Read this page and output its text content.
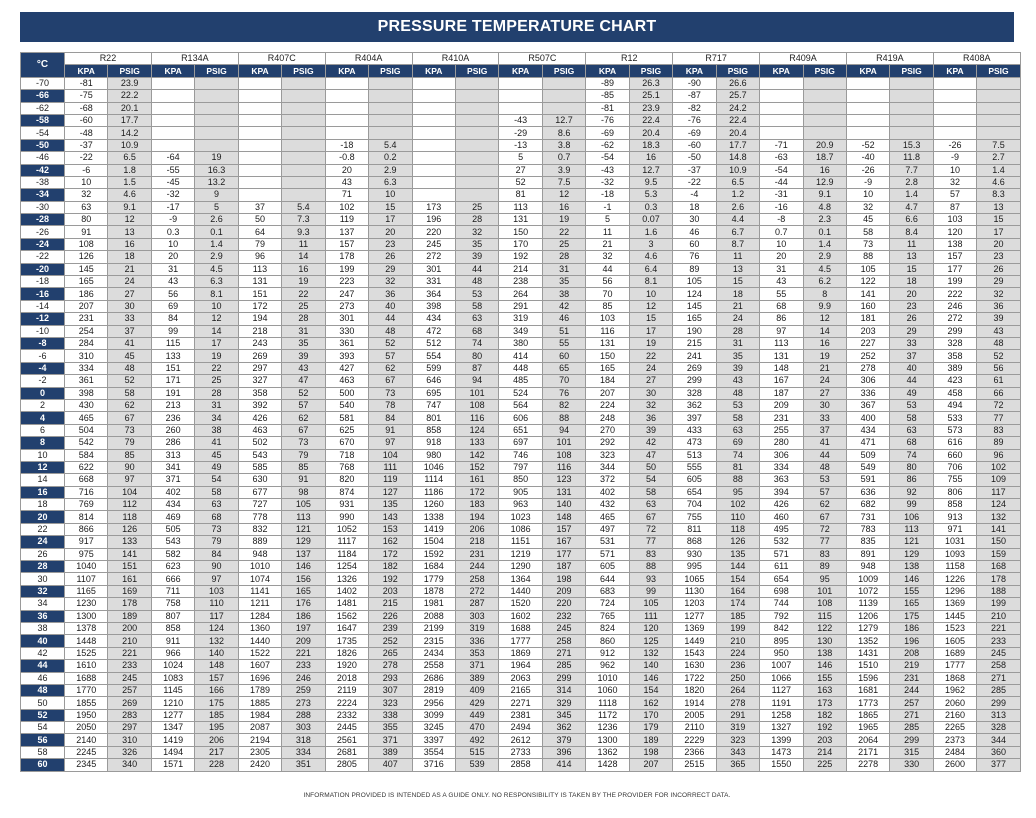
PRESSURE TEMPERATURE CHART
°C	R22		R134A		R407C		R404A		R410A		R507C		R12		R717		R409A		R419A		R408A	
	KPA	PSIG	KPA	PSIG	KPA	PSIG	KPA	PSIG	KPA	PSIG	KPA	PSIG	KPA	PSIG	KPA	PSIG	KPA	PSIG	KPA	PSIG	KPA	PSIG
-70	-81	23.9											-89	26.3	-90	26.6						
-66	-75	22.2											-85	25.1	-87	25.7						
-62	-68	20.1											-81	23.9	-82	24.2						
-58	-60	17.7									-43	12.7	-76	22.4	-76	22.4						
-54	-48	14.2									-29	8.6	-69	20.4	-69	20.4						
-50	-37	10.9					-18	5.4			-13	3.8	-62	18.3	-60	17.7	-71	20.9	-52	15.3	-26	7.5
-46	-22	6.5	-64	19			-0.8	0.2			5	0.7	-54	16	-50	14.8	-63	18.7	-40	11.8	-9	2.7
-42	-6	1.8	-55	16.3			20	2.9			27	3.9	-43	12.7	-37	10.9	-54	16	-26	7.7	10	1.4
-38	10	1.5	-45	13.2			43	6.3			52	7.5	-32	9.5	-22	6.5	-44	12.9	-9	2.8	32	4.6
-34	32	4.6	-32	9			71	10			81	12	-18	5.3	-4	1.2	-31	9.1	10	1.4	57	8.3
-30	63	9.1	-17	5	37	5.4	102	15	173	25	113	16	-1	0.3	18	2.6	-16	4.8	32	4.7	87	13
-28	80	12	-9	2.6	50	7.3	119	17	196	28	131	19	5	0.07	30	4.4	-8	2.3	45	6.6	103	15
-26	91	13	0.3	0.1	64	9.3	137	20	220	32	150	22	11	1.6	46	6.7	0.7	0.1	58	8.4	120	17
-24	108	16	10	1.4	79	11	157	23	245	35	170	25	21	3	60	8.7	10	1.4	73	11	138	20
-22	126	18	20	2.9	96	14	178	26	272	39	192	28	32	4.6	76	11	20	2.9	88	13	157	23
-20	145	21	31	4.5	113	16	199	29	301	44	214	31	44	6.4	89	13	31	4.5	105	15	177	26
-18	165	24	43	6.3	131	19	223	32	331	48	238	35	56	8.1	105	15	43	6.2	122	18	199	29
-16	186	27	56	8.1	151	22	247	36	364	53	264	38	70	10	124	18	55	8	141	20	222	32
-14	207	30	69	10	172	25	273	40	398	58	291	42	85	12	145	21	68	9.9	160	23	246	36
-12	231	33	84	12	194	28	301	44	434	63	319	46	103	15	165	24	86	12	181	26	272	39
-10	254	37	99	14	218	31	330	48	472	68	349	51	116	17	190	28	97	14	203	29	299	43
-8	284	41	115	17	243	35	361	52	512	74	380	55	131	19	215	31	113	16	227	33	328	48
-6	310	45	133	19	269	39	393	57	554	80	414	60	150	22	241	35	131	19	252	37	358	52
-4	334	48	151	22	297	43	427	62	599	87	448	65	165	24	269	39	148	21	278	40	389	56
-2	361	52	171	25	327	47	463	67	646	94	485	70	184	27	299	43	167	24	306	44	423	61
0	398	58	191	28	358	52	500	73	695	101	524	76	207	30	328	48	187	27	336	49	458	66
2	430	62	213	31	392	57	540	78	747	108	564	82	224	32	362	53	209	30	367	53	494	72
4	465	67	236	34	426	62	581	84	801	116	606	88	248	36	397	58	231	33	400	58	533	77
6	504	73	260	38	463	67	625	91	858	124	651	94	270	39	433	63	255	37	434	63	573	83
8	542	79	286	41	502	73	670	97	918	133	697	101	292	42	473	69	280	41	471	68	616	89
10	584	85	313	45	543	79	718	104	980	142	746	108	323	47	513	74	306	44	509	74	660	96
12	622	90	341	49	585	85	768	111	1046	152	797	116	344	50	555	81	334	48	549	80	706	102
14	668	97	371	54	630	91	820	119	1114	161	850	123	372	54	605	88	363	53	591	86	755	109
16	716	104	402	58	677	98	874	127	1186	172	905	131	402	58	654	95	394	57	636	92	806	117
18	769	112	434	63	727	105	931	135	1260	183	963	140	432	63	704	102	426	62	682	99	858	124
20	814	118	469	68	778	113	990	143	1338	194	1023	148	465	67	755	110	460	67	731	106	913	132
22	866	126	505	73	832	121	1052	153	1419	206	1086	157	497	72	811	118	495	72	783	113	971	141
24	917	133	543	79	889	129	1117	162	1504	218	1151	167	531	77	868	126	532	77	835	121	1031	150
26	975	141	582	84	948	137	1184	172	1592	231	1219	177	571	83	930	135	571	83	891	129	1093	159
28	1040	151	623	90	1010	146	1254	182	1684	244	1290	187	605	88	995	144	611	89	948	138	1158	168
30	1107	161	666	97	1074	156	1326	192	1779	258	1364	198	644	93	1065	154	654	95	1009	146	1226	178
32	1165	169	711	103	1141	165	1402	203	1878	272	1440	209	683	99	1130	164	698	101	1072	155	1296	188
34	1230	178	758	110	1211	176	1481	215	1981	287	1520	220	724	105	1203	174	744	108	1139	165	1369	199
36	1300	189	807	117	1284	186	1562	226	2088	303	1602	232	765	111	1277	185	792	115	1206	175	1445	210
38	1378	200	858	124	1360	197	1647	239	2199	319	1688	245	824	120	1369	199	842	122	1279	186	1523	221
40	1448	210	911	132	1440	209	1735	252	2315	336	1777	258	860	125	1449	210	895	130	1352	196	1605	233
42	1525	221	966	140	1522	221	1826	265	2434	353	1869	271	912	132	1543	224	950	138	1431	208	1689	245
44	1610	233	1024	148	1607	233	1920	278	2558	371	1964	285	962	140	1630	236	1007	146	1510	219	1777	258
46	1688	245	1083	157	1696	246	2018	293	2686	389	2063	299	1010	146	1722	250	1066	155	1596	231	1868	271
48	1770	257	1145	166	1789	259	2119	307	2819	409	2165	314	1060	154	1820	264	1127	163	1681	244	1962	285
50	1855	269	1210	175	1885	273	2224	323	2956	429	2271	329	1118	162	1914	278	1191	173	1773	257	2060	299
52	1950	283	1277	185	1984	288	2332	338	3099	449	2381	345	1172	170	2005	291	1258	182	1865	271	2160	313
54	2050	297	1347	195	2087	303	2445	355	3245	470	2494	362	1236	179	2110	319	1327	192	1965	285	2265	328
56	2140	310	1419	206	2194	318	2561	371	3397	492	2612	379	1300	189	2229	323	1399	203	2064	299	2373	344
58	2245	326	1494	217	2305	334	2681	389	3554	515	2733	396	1362	198	2366	343	1473	214	2171	315	2484	360
60	2345	340	1571	228	2420	351	2805	407	3716	539	2858	414	1428	207	2515	365	1550	225	2278	330	2600	377
INFORMATION PROVIDED IS INTENDED AS A GUIDE ONLY. NO RESPONSIBILITY IS TAKEN BY THE PROVIDER FOR INCORRECT DATA.
